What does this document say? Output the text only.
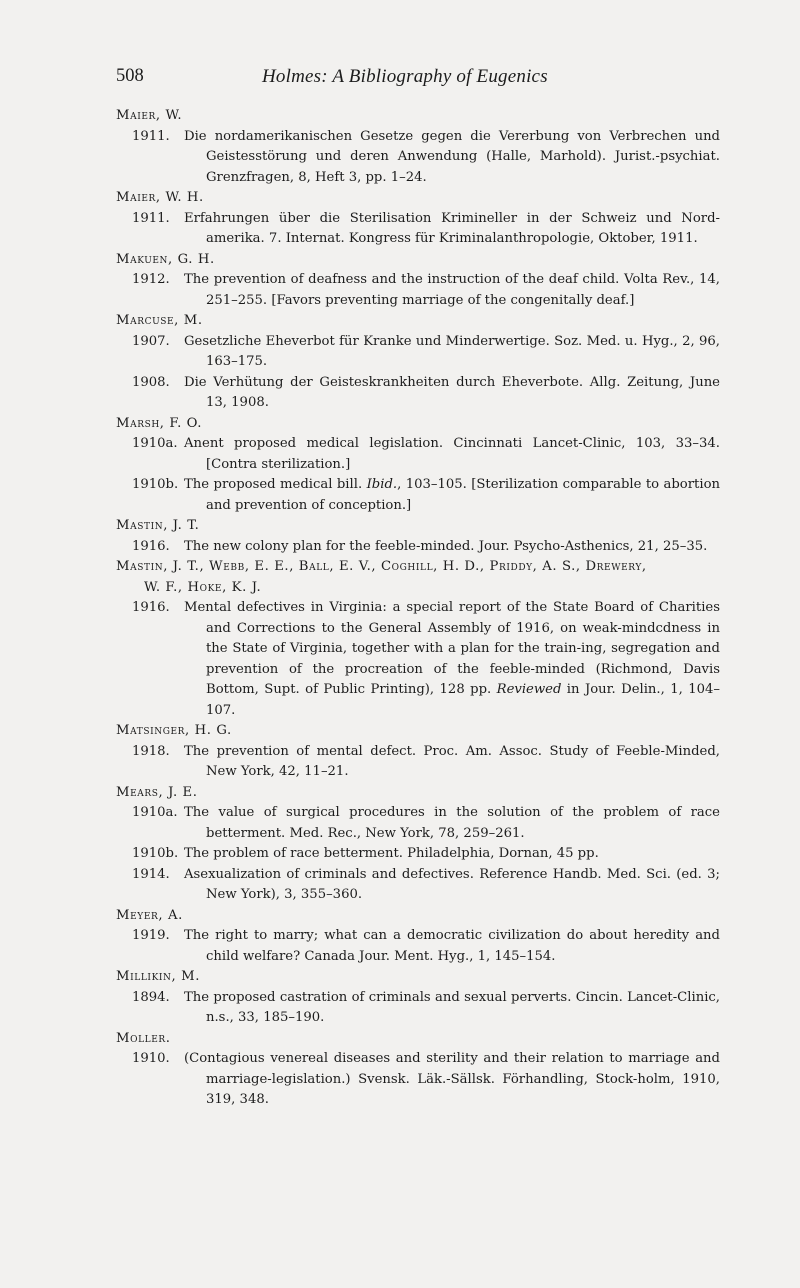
508	Holmes: A Bibliography of Eugenics

Maier, W.

1911.	Die nordamerikanischen Gesetze gegen die Vererbung von Verbrechen und Geistesstörung und deren Anwendung (Halle, Marhold). Jurist.-psychiat. Grenzfragen, 8, Heft 3, pp. 1–24.

Maier, W. H.

1911.	Erfahrungen über die Sterilisation Krimineller in der Schweiz und Nord-amerika. 7. Internat. Kongress für Kriminalanthropologie, Oktober, 1911.

Makuen, G. H.

1912.	The prevention of deafness and the instruction of the deaf child. Volta Rev., 14, 251–255. [Favors preventing marriage of the congenitally deaf.]

Marcuse, M.

1907.	Gesetzliche Eheverbot für Kranke und Minderwertige. Soz. Med. u. Hyg., 2, 96, 163–175.
1908.	Die Verhütung der Geisteskrankheiten durch Eheverbote. Allg. Zeitung, June 13, 1908.

Marsh, F. O.

1910a. Anent proposed medical legislation. Cincinnati Lancet-Clinic, 103, 33–34. [Contra sterilization.]
1910b. The proposed medical bill. Ibid., 103–105. [Sterilization comparable to abortion and prevention of conception.]

Mastin, J. T.

1916.	The new colony plan for the feeble-minded. Jour. Psycho-Asthenics, 21, 25–35.

Mastin, J. T., Webb, E. E., Ball, E. V., Coghill, H. D., Priddy, A. S., Drewery,

W. F., Hoke, K. J.

1916.	Mental defectives in Virginia: a special report of the State Board of Charities and Corrections to the General Assembly of 1916, on weak-mindcdness in the State of Virginia, together with a plan for the train-ing, segregation and prevention of the procreation of the feeble-minded (Richmond, Davis Bottom, Supt. of Public Printing), 128 pp. Reviewed in Jour. Delin., 1, 104–107.

Matsinger, H. G.

1918.	The prevention of mental defect. Proc. Am. Assoc. Study of Feeble-Minded, New York, 42, 11–21.

Mears, J. E.

1910a. The value of surgical procedures in the solution of the problem of race betterment. Med. Rec., New York, 78, 259–261.
1910b. The problem of race betterment. Philadelphia, Dornan, 45 pp.
1914.	Asexualization of criminals and defectives. Reference Handb. Med. Sci. (ed. 3; New York), 3, 355–360.

Meyer, A.

1919.	The right to marry; what can a democratic civilization do about heredity and child welfare? Canada Jour. Ment. Hyg., 1, 145–154.

Millikin, M.

1894.	The proposed castration of criminals and sexual perverts. Cincin. Lancet-Clinic, n.s., 33, 185–190.

Moller.

1910.	(Contagious venereal diseases and sterility and their relation to marriage and marriage-legislation.) Svensk. Läk.-Sällsk. Förhandling, Stock-holm, 1910, 319, 348.
